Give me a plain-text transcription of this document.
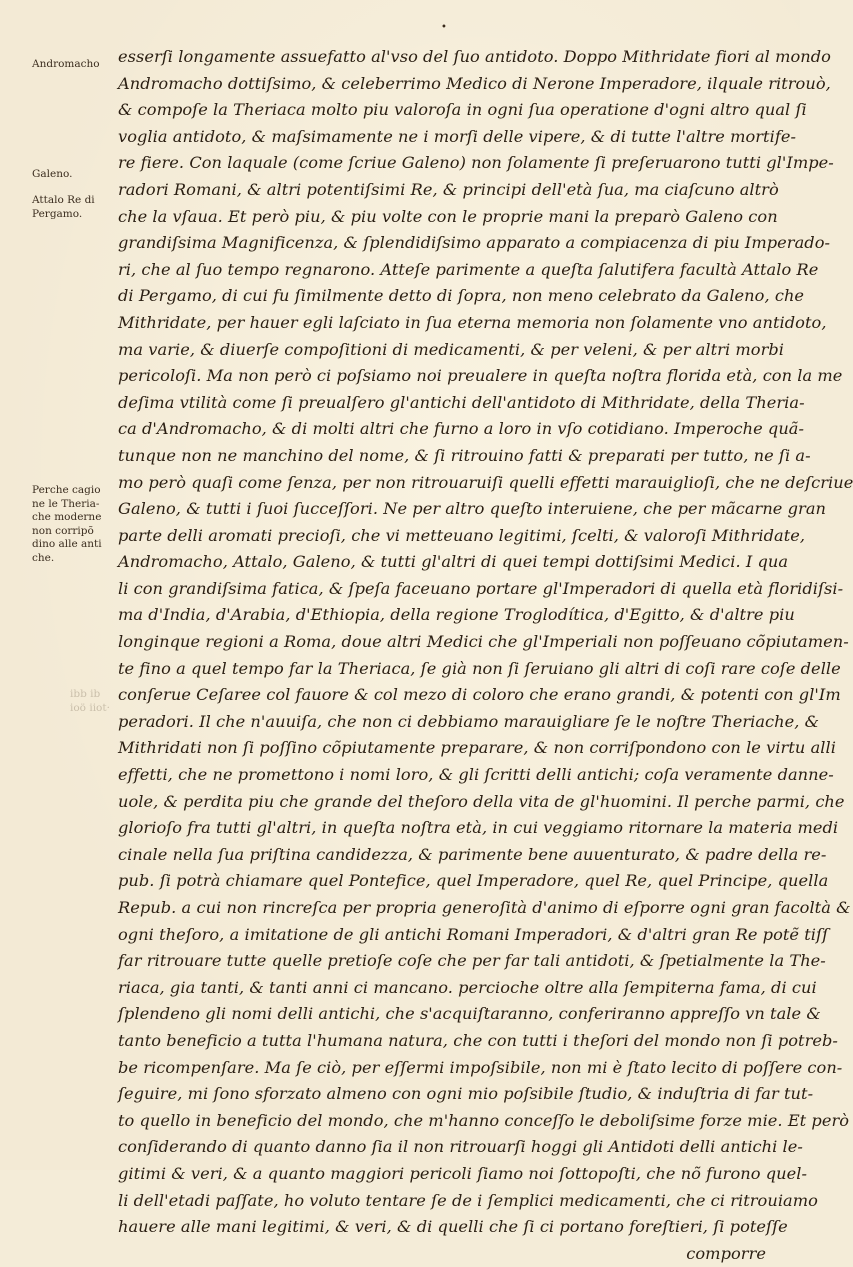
•
esserſi longamente assuefatto al'vso del ſuo antidoto. Doppo Mithridate fiori al mondo
Andromacho dottiſsimo, & celeberrimo Medico di Nerone Imperadore, ilquale ritrouò,
& compoſe la Theriaca molto piu valoroſa in ogni ſua operatione d'ogni altro qual ſi
voglia antidoto, & maſsimamente ne i morſi delle vipere, & di tutte l'altre mortife-
re fiere. Con laquale (come ſcriue Galeno) non ſolamente ſi preſeruarono tutti gl'Impe-
radori Romani, & altri potentiſsimi Re, & principi dell'età ſua, ma ciaſcuno altrò
che la vſaua. Et però piu, & piu volte con le proprie mani la preparò Galeno con
grandiſsima Magnificenza, & ſplendidiſsimo apparato a compiacenza di piu Imperado-
ri, che al ſuo tempo regnarono. Atteſe parimente a queſta ſalutifera facultà Attalo Re
di Pergamo, di cui fu ſimilmente detto di ſopra, non meno celebrato da Galeno, che
Mithridate, per hauer egli laſciato in ſua eterna memoria non ſolamente vno antidoto,
ma varie, & diuerſe compoſitioni di medicamenti, & per veleni, & per altri morbi
pericoloſi. Ma non però ci poſsiamo noi preualere in queſta noſtra florida età, con la me
deſima vtilità come ſi preualſero gl'antichi dell'antidoto di Mithridate, della Theria-
ca d'Andromacho, & di molti altri che furno a loro in vſo cotidiano. Imperoche quã-
tunque non ne manchino del nome, & ſi ritrouino fatti & preparati per tutto, ne ſi a-
mo però quaſi come ſenza, per non ritrouaruiſi quelli effetti marauiglioſi, che ne deſcriue
Galeno, & tutti i ſuoi ſucceſſori. Ne per altro queſto interuiene, che per mãcarne gran
parte delli aromati precioſi, che vi metteuano legitimi, ſcelti, & valoroſi Mithridate,
Andromacho, Attalo, Galeno, & tutti gl'altri di quei tempi dottiſsimi Medici. I qua
li con grandiſsima fatica, & ſpeſa faceuano portare gl'Imperadori di quella età floridiſsi-
ma d'India, d'Arabia, d'Ethiopia, della regione Troglodítica, d'Egitto, & d'altre piu
longinque regioni a Roma, doue altri Medici che gl'Imperiali non poſſeuano cõpiutamen-
te fino a quel tempo far la Theriaca, ſe già non ſi ſeruiano gli altri di coſi rare coſe delle
conſerue Ceſaree col fauore & col mezo di coloro che erano grandi, & potenti con gl'Im
peradori. Il che n'auuiſa, che non ci debbiamo marauigliare ſe le noſtre Theriache, &
Mithridati non ſi poſſino cõpiutamente preparare, & non corriſpondono con le virtu alli
effetti, che ne promettono i nomi loro, & gli ſcritti delli antichi; coſa veramente danne-
uole, & perdita piu che grande del theſoro della vita de gl'huomini. Il perche parmi, che
glorioſo fra tutti gl'altri, in queſta noſtra età, in cui veggiamo ritornare la materia medi
cinale nella ſua priſtina candidezza, & parimente bene auuenturato, & padre della re-
pub. ſi potrà chiamare quel Pontefice, quel Imperadore, quel Re, quel Principe, quella
Repub. a cui non rincreſca per propria generoſità d'animo di eſporre ogni gran facoltà &
ogni theſoro, a imitatione de gli antichi Romani Imperadori, & d'altri gran Re potẽ tiſſ
far ritrouare tutte quelle pretioſe coſe che per far tali antidoti, & ſpetialmente la The-
riaca, gia tanti, & tanti anni ci mancano. percioche oltre alla ſempiterna fama, di cui
ſplendeno gli nomi delli antichi, che s'acquiſtaranno, conferiranno appreſſo vn tale &
tanto beneficio a tutta l'humana natura, che con tutti i theſori del mondo non ſi potreb-
be ricompenſare. Ma ſe ciò, per eſſermi impoſsibile, non mi è ſtato lecito di poſſere con-
ſeguire, mi ſono sforzato almeno con ogni mio poſsibile ſtudio, & induſtria di far tut-
to quello in beneficio del mondo, che m'hanno conceſſo le deboliſsime forze mie. Et però
conſiderando di quanto danno ſia il non ritrouarſi hoggi gli Antidoti delli antichi le-
gitimi & veri, & a quanto maggiori pericoli ſiamo noi ſottopoſti, che nõ furono quel-
li dell'etadi paſſate, ho voluto tentare ſe de i ſemplici medicamenti, che ci ritrouiamo
hauere alle mani legitimi, & veri, & di quelli che ſi ci portano foreſtieri, ſi poteſſe
comporre
Andromacho
Galeno.
Attalo Re di
Pergamo.
Perche cagio
ne le Theria-
che moderne
non corripõ
dino alle anti
che.
ibb ib
ioö iiot·
